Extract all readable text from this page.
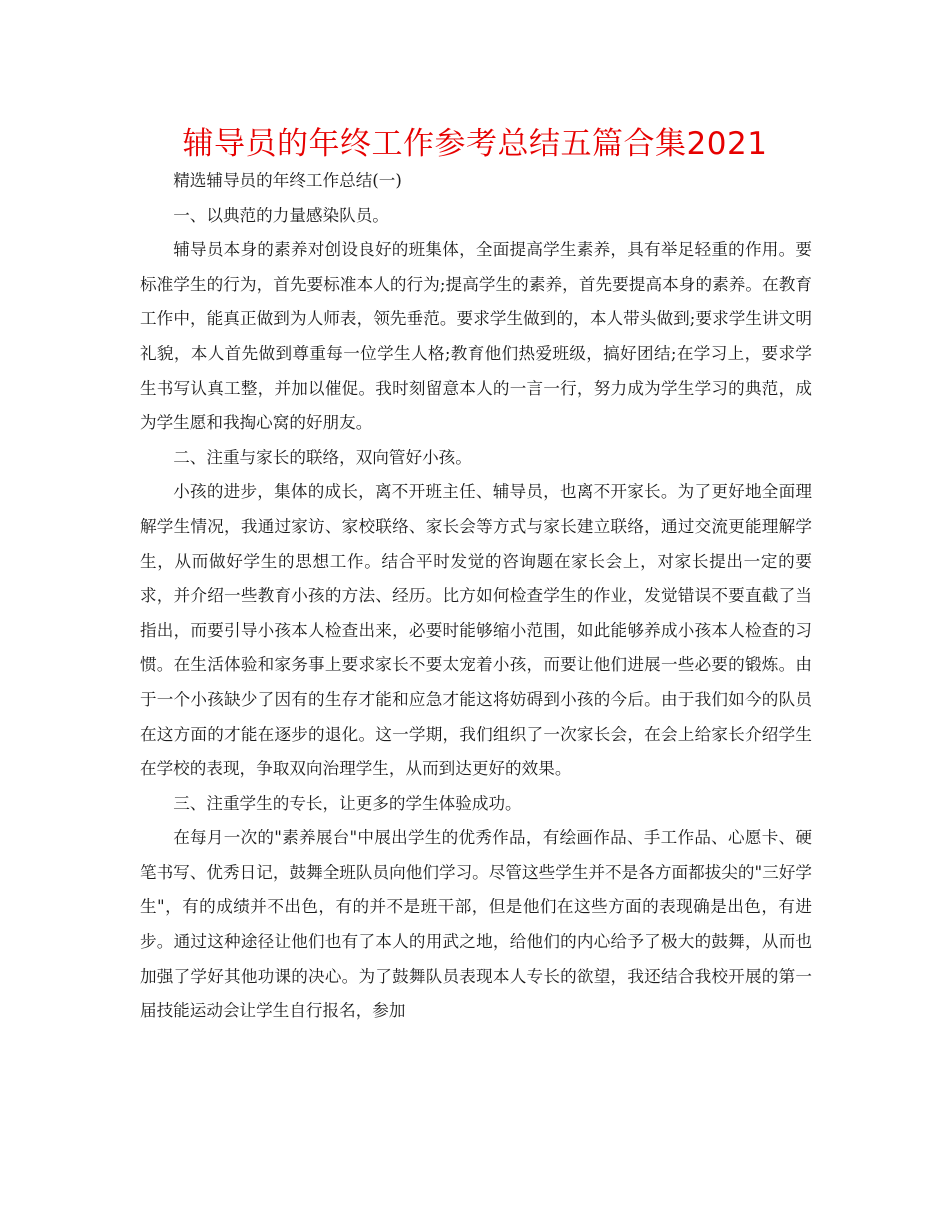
辅导员的年终工作参考总结五篇合集2021

精选辅导员的年终工作总结(一)

一、以典范的力量感染队员。

辅导员本身的素养对创设良好的班集体，全面提高学生素养，具有举足轻重的作用。要标准学生的行为，首先要标准本人的行为;提高学生的素养，首先要提高本身的素养。在教育工作中，能真正做到为人师表，领先垂范。要求学生做到的，本人带头做到;要求学生讲文明礼貌，本人首先做到尊重每一位学生人格;教育他们热爱班级，搞好团结;在学习上，要求学生书写认真工整，并加以催促。我时刻留意本人的一言一行，努力成为学生学习的典范，成为学生愿和我掏心窝的好朋友。

二、注重与家长的联络，双向管好小孩。

小孩的进步，集体的成长，离不开班主任、辅导员，也离不开家长。为了更好地全面理解学生情况，我通过家访、家校联络、家长会等方式与家长建立联络，通过交流更能理解学生，从而做好学生的思想工作。结合平时发觉的咨询题在家长会上，对家长提出一定的要求，并介绍一些教育小孩的方法、经历。比方如何检查学生的作业，发觉错误不要直截了当指出，而要引导小孩本人检查出来，必要时能够缩小范围，如此能够养成小孩本人检查的习惯。在生活体验和家务事上要求家长不要太宠着小孩，而要让他们进展一些必要的锻炼。由于一个小孩缺少了因有的生存才能和应急才能这将妨碍到小孩的今后。由于我们如今的队员在这方面的才能在逐步的退化。这一学期，我们组织了一次家长会，在会上给家长介绍学生在学校的表现，争取双向治理学生，从而到达更好的效果。

三、注重学生的专长，让更多的学生体验成功。

在每月一次的"素养展台"中展出学生的优秀作品，有绘画作品、手工作品、心愿卡、硬笔书写、优秀日记，鼓舞全班队员向他们学习。尽管这些学生并不是各方面都拔尖的"三好学生"，有的成绩并不出色，有的并不是班干部，但是他们在这些方面的表现确是出色，有进步。通过这种途径让他们也有了本人的用武之地，给他们的内心给予了极大的鼓舞，从而也加强了学好其他功课的决心。为了鼓舞队员表现本人专长的欲望，我还结合我校开展的第一届技能运动会让学生自行报名，参加
